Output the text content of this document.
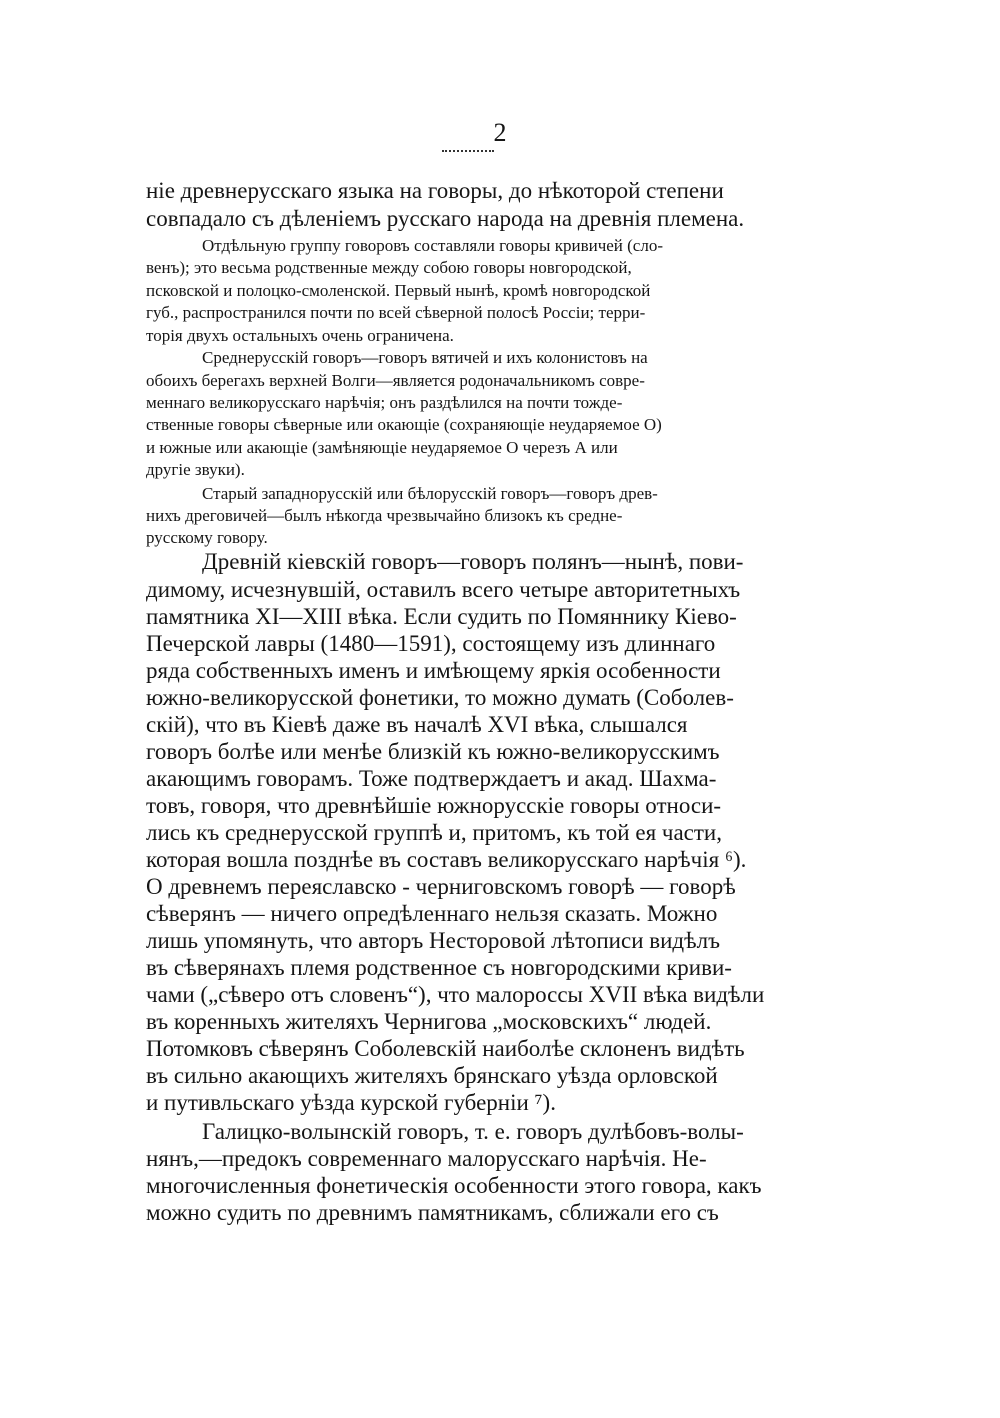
2
ніе древнерусскаго языка на говоры, до нѣкоторой степени
совпадало съ дѣленіемъ русскаго народа на древнія племена.
Отдѣльную группу говоровъ составляли говоры кривичей (сло-
венъ); это весьма родственные между собою говоры новгородской,
псковской и полоцко-смоленской. Первый нынѣ, кромѣ новгородской
губ., распространился почти по всей сѣверной полосѣ Россіи; терри-
торія двухъ остальныхъ очень ограничена.
Среднерусскій говоръ—говоръ вятичей и ихъ колонистовъ на
обоихъ берегахъ верхней Волги—является родоначальникомъ совре-
меннаго великорусскаго нарѣчія; онъ раздѣлился на почти тожде-
ственные говоры сѣверные или окающіе (сохраняющіе неударяемое О)
и южные или акающіе (замѣняющіе неударяемое О черезъ А или
другіе звуки).
Старый западнорусскій или бѣлорусскій говоръ—говоръ древ-
нихъ дреговичей—былъ нѣкогда чрезвычайно близокъ къ средне-
русскому говору.
Древній кіевскій говоръ—говоръ полянъ—нынѣ, пови-
димому, исчезнувшій, оставилъ всего четыре авторитетныхъ
памятника XI—XIII вѣка. Если судить по Помяннику Кіево-
Печерской лавры (1480—1591), состоящему изъ длиннаго
ряда собственныхъ именъ и имѣющему яркія особенности
южно-великорусской фонетики, то можно думать (Соболев-
скій), что въ Кіевѣ даже въ началѣ XVI вѣка, слышался
говоръ болѣе или менѣе близкій къ южно-великорусскимъ
акающимъ говорамъ. Тоже подтверждаетъ и акад. Шахма-
товъ, говоря, что древнѣйшіе южнорусскіе говоры относи-
лись къ среднерусской группѣ и, притомъ, къ той ея части,
которая вошла позднѣе въ составъ великорусскаго нарѣчія ⁶).
О древнемъ переяславско - черниговскомъ говорѣ — говорѣ
сѣверянъ — ничего опредѣленнаго нельзя сказать. Можно
лишь упомянуть, что авторъ Несторовой лѣтописи видѣлъ
въ сѣверянахъ племя родственное съ новгородскими криви-
чами („сѣверо отъ словенъ“), что малороссы XVII вѣка видѣли
въ коренныхъ жителяхъ Чернигова „московскихъ“ людей.
Потомковъ сѣверянъ Соболевскій наиболѣе склоненъ видѣть
въ сильно акающихъ жителяхъ брянскаго уѣзда орловской
и путивльскаго уѣзда курской губерніи ⁷).
Галицко-волынскій говоръ, т. е. говоръ дулѣбовъ-волы-
нянъ,—предокъ современнаго малорусскаго нарѣчія. Не-
многочисленныя фонетическія особенности этого говора, какъ
можно судить по древнимъ памятникамъ, сближали его съ
